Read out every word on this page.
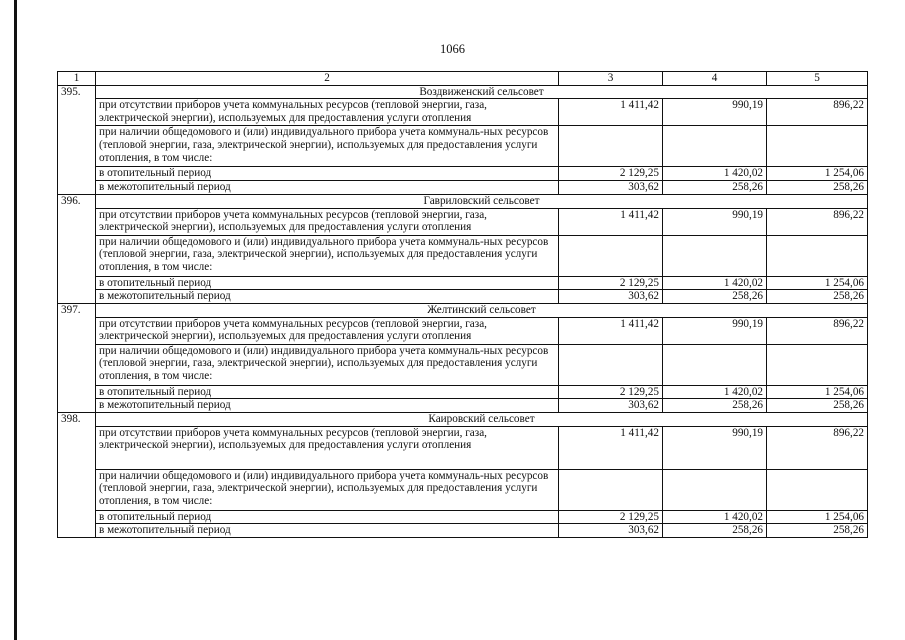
1066
1	2	3	4	5
395.	Воздвиженский сельсовет			
	при отсутствии приборов учета коммунальных ресурсов (тепловой энергии, газа, электрической энергии), используемых для предоставления услуги отопления	1 411,42	990,19	896,22
	при наличии общедомового и (или) индивидуального прибора учета коммуналь-ных ресурсов (тепловой энергии, газа, электрической энергии), используемых для предоставления услуги отопления, в том числе:			
	в отопительный период	2 129,25	1 420,02	1 254,06
	в межотопительный период	303,62	258,26	258,26
396.	Гавриловский сельсовет			
	при отсутствии приборов учета коммунальных ресурсов (тепловой энергии, газа, электрической энергии), используемых для предоставления услуги отопления	1 411,42	990,19	896,22
	при наличии общедомового и (или) индивидуального прибора учета коммуналь-ных ресурсов (тепловой энергии, газа, электрической энергии), используемых для предоставления услуги отопления, в том числе:			
	в отопительный период	2 129,25	1 420,02	1 254,06
	в межотопительный период	303,62	258,26	258,26
397.	Желтинский сельсовет			
	при отсутствии приборов учета коммунальных ресурсов (тепловой энергии, газа, электрической энергии), используемых для предоставления услуги отопления	1 411,42	990,19	896,22
	при наличии общедомового и (или) индивидуального прибора учета коммуналь-ных ресурсов (тепловой энергии, газа, электрической энергии), используемых для предоставления услуги отопления, в том числе:			
	в отопительный период	2 129,25	1 420,02	1 254,06
	в межотопительный период	303,62	258,26	258,26
398.	Каировский сельсовет			
	при отсутствии приборов учета коммунальных ресурсов (тепловой энергии, газа, электрической энергии), используемых для предоставления услуги отопления	1 411,42	990,19	896,22
	при наличии общедомового и (или) индивидуального прибора учета коммуналь-ных ресурсов (тепловой энергии, газа, электрической энергии), используемых для предоставления услуги отопления, в том числе:			
	в отопительный период	2 129,25	1 420,02	1 254,06
	в межотопительный период	303,62	258,26	258,26
